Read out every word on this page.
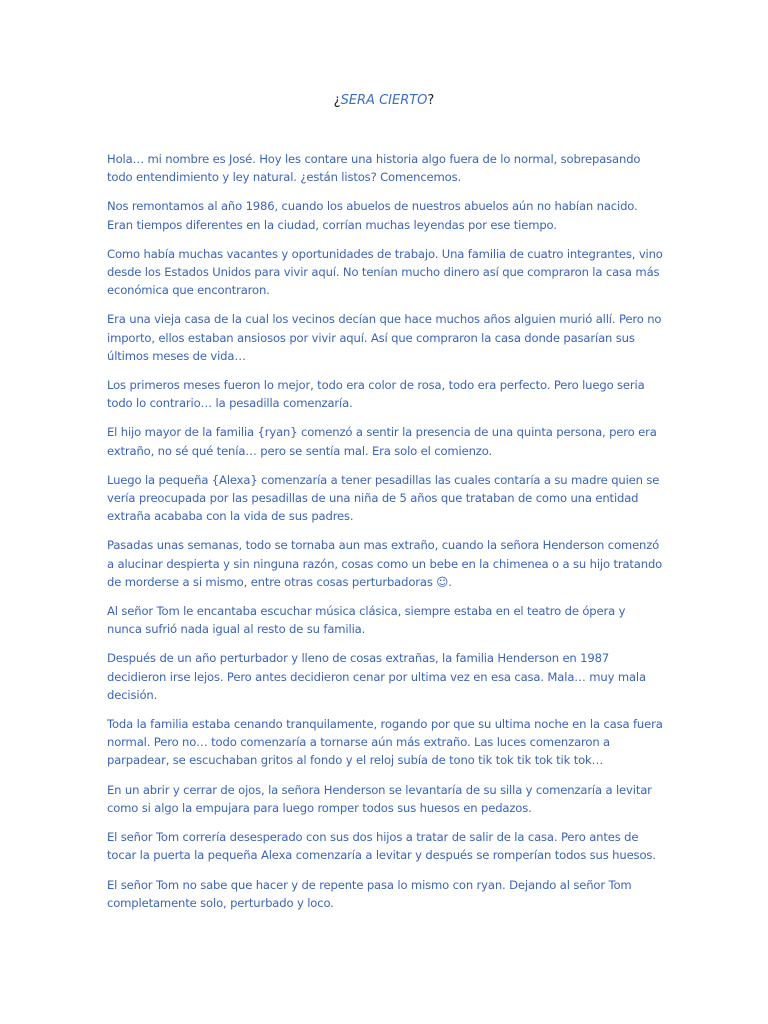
¿SERA CIERTO?

Hola… mi nombre es José. Hoy les contare una historia algo fuera de lo normal, sobrepasando todo entendimiento y ley natural. ¿están listos? Comencemos.

Nos remontamos al año 1986, cuando los abuelos de nuestros abuelos aún no habían nacido. Eran tiempos diferentes en la ciudad, corrían muchas leyendas por ese tiempo.

Como había muchas vacantes y oportunidades de trabajo. Una familia de cuatro integrantes, vino desde los Estados Unidos para vivir aquí. No tenían mucho dinero así que compraron la casa más económica que encontraron.

Era una vieja casa de la cual los vecinos decían que hace muchos años alguien murió allí. Pero no importo, ellos estaban ansiosos por vivir aquí. Así que compraron la casa donde pasarían sus últimos meses de vida…

Los primeros meses fueron lo mejor, todo era color de rosa, todo era perfecto. Pero luego seria todo lo contrario… la pesadilla comenzaría.

El hijo mayor de la familia {ryan} comenzó a sentir la presencia de una quinta persona, pero era extraño, no sé qué tenía… pero se sentía mal. Era solo el comienzo.

Luego la pequeña {Alexa} comenzaría a tener pesadillas las cuales contaría a su madre quien se vería preocupada por las pesadillas de una niña de 5 años que trataban de como una entidad extraña acababa con la vida de sus padres.

Pasadas unas semanas, todo se tornaba aun mas extraño, cuando la señora Henderson comenzó a alucinar despierta y sin ninguna razón, cosas como un bebe en la chimenea o a su hijo tratando de morderse a si mismo, entre otras cosas perturbadoras ☺.

Al señor Tom le encantaba escuchar música clásica, siempre estaba en el teatro de ópera y nunca sufrió nada igual al resto de su familia.

Después de un año perturbador y lleno de cosas extrañas, la familia Henderson en 1987 decidieron irse lejos. Pero antes decidieron cenar por ultima vez en esa casa. Mala… muy mala decisión.

Toda la familia estaba cenando tranquilamente, rogando por que su ultima noche en la casa fuera normal. Pero no… todo comenzaría a tornarse aún más extraño. Las luces comenzaron a parpadear, se escuchaban gritos al fondo y el reloj subía de tono tik tok tik tok tik tok…

En un abrir y cerrar de ojos, la señora Henderson se levantaría de su silla y comenzaría a levitar como si algo la empujara para luego romper todos sus huesos en pedazos.

El señor Tom correría desesperado con sus dos hijos a tratar de salir de la casa. Pero antes de tocar la puerta la pequeña Alexa comenzaría a levitar y después se romperían todos sus huesos.

El señor Tom no sabe que hacer y de repente pasa lo mismo con ryan. Dejando al señor Tom completamente solo, perturbado y loco.
